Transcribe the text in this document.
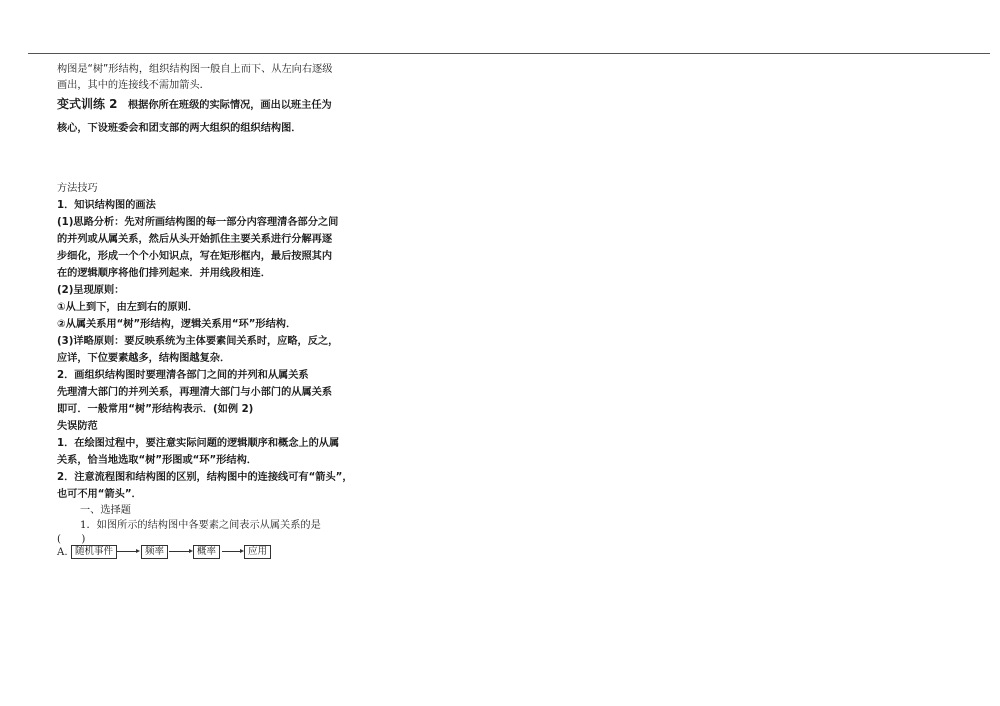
构图是“树”形结构，组织结构图一般自上而下、从左向右逐级
画出，其中的连接线不需加箭头．
变式训练 2 根据你所在班级的实际情况，画出以班主任为
核心，下设班委会和团支部的两大组织的组织结构图．
方法技巧
1．知识结构图的画法
(1)思路分析：先对所画结构图的每一部分内容理清各部分之间
的并列或从属关系，然后从头开始抓住主要关系进行分解再逐
步细化，形成一个个小知识点，写在矩形框内，最后按照其内
在的逻辑顺序将他们排列起来．并用线段相连．
(2)呈现原则：
①从上到下，由左到右的原则．
②从属关系用“树”形结构，逻辑关系用“环”形结构．
(3)详略原则：要反映系统为主体要素间关系时，应略，反之，
应详，下位要素越多，结构图越复杂．
2．画组织结构图时要理清各部门之间的并列和从属关系
先理清大部门的并列关系，再理清大部门与小部门的从属关系
即可．一般常用“树”形结构表示．(如例 2)
失误防范
1．在绘图过程中，要注意实际问题的逻辑顺序和概念上的从属
关系，恰当地选取“树”形图或“环”形结构．
2．注意流程图和结构图的区别，结构图中的连接线可有“箭头”，
也可不用“箭头”．
一、选择题
1．如图所示的结构图中各要素之间表示从属关系的是
(　　)
A. 随机事件	频率	概率	应用
